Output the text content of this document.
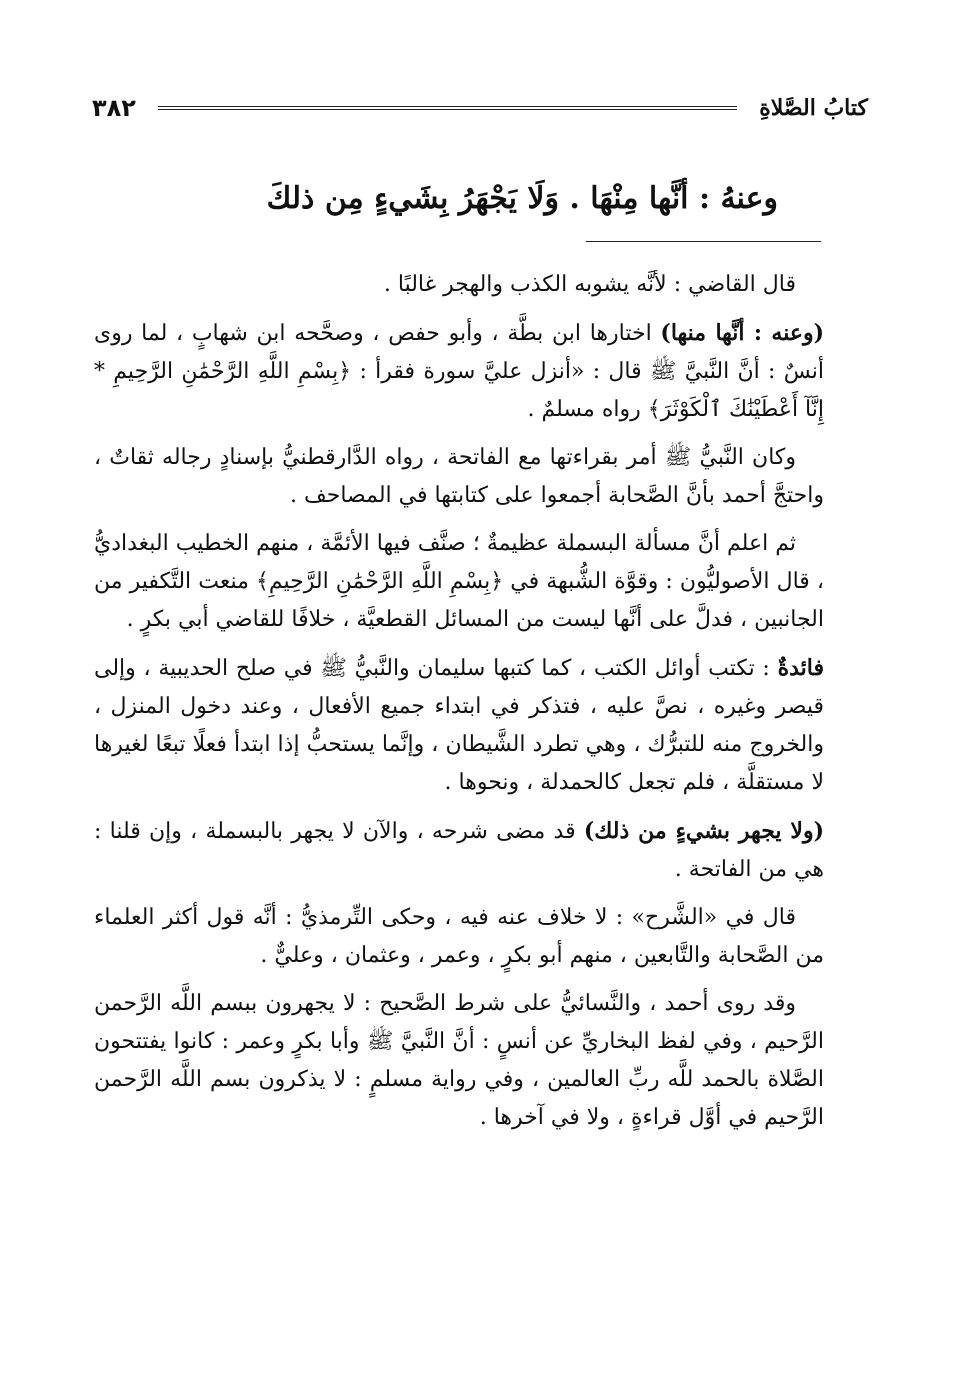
كتابُ الصَّلاةِ
٣٨٢
وعنهُ : أنَّها مِنْهَا . وَلَا يَجْهَرُ بِشَيءٍ مِن ذلكَ

قال القاضي : لأنَّه يشوبه الكذب والهجر غالبًا .

(وعنه : أنَّها منها) اختارها ابن بطَّة ، وأبو حفص ، وصحَّحه ابن شهابٍ ، لما روى أنسٌ : أنَّ النَّبيَّ ﷺ قال : «أنزل عليَّ سورة فقرأ : ﴿بِسْمِ اللَّهِ الرَّحْمَٰنِ الرَّحِيمِ * إِنَّآ أَعْطَيْنَٰكَ ٱلْكَوْثَرَ﴾ رواه مسلمٌ .

وكان النَّبيُّ ﷺ أمر بقراءتها مع الفاتحة ، رواه الدَّارقطنيُّ بإسنادٍ رجاله ثقاتٌ ، واحتجَّ أحمد بأنَّ الصَّحابة أجمعوا على كتابتها في المصاحف .

ثم اعلم أنَّ مسألة البسملة عظيمةٌ ؛ صنَّف فيها الأئمَّة ، منهم الخطيب البغداديُّ ، قال الأصوليُّون : وقوَّة الشُّبهة في ﴿بِسْمِ اللَّهِ الرَّحْمَٰنِ الرَّحِيمِ﴾ منعت التَّكفير من الجانبين ، فدلَّ على أنَّها ليست من المسائل القطعيَّة ، خلافًا للقاضي أبي بكرٍ .

فائدةٌ : تكتب أوائل الكتب ، كما كتبها سليمان والنَّبيُّ ﷺ في صلح الحديبية ، وإلى قيصر وغيره ، نصَّ عليه ، فتذكر في ابتداء جميع الأفعال ، وعند دخول المنزل ، والخروج منه للتبرُّك ، وهي تطرد الشَّيطان ، وإنَّما يستحبُّ إذا ابتدأ فعلًا تبعًا لغيرها لا مستقلَّة ، فلم تجعل كالحمدلة ، ونحوها .

(ولا يجهر بشيءٍ من ذلك) قد مضى شرحه ، والآن لا يجهر بالبسملة ، وإن قلنا : هي من الفاتحة .

قال في «الشَّرح» : لا خلاف عنه فيه ، وحكى التِّرمذيُّ : أنَّه قول أكثر العلماء من الصَّحابة والتَّابعين ، منهم أبو بكرٍ ، وعمر ، وعثمان ، وعليٌّ .

وقد روى أحمد ، والنَّسائيُّ على شرط الصَّحيح : لا يجهرون ببسم اللَّه الرَّحمن الرَّحيم ، وفي لفظ البخاريِّ عن أنسٍ : أنَّ النَّبيَّ ﷺ وأبا بكرٍ وعمر : كانوا يفتتحون الصَّلاة بالحمد للَّه ربِّ العالمين ، وفي رواية مسلمٍ : لا يذكرون بسم اللَّه الرَّحمن الرَّحيم في أوَّل قراءةٍ ، ولا في آخرها .
